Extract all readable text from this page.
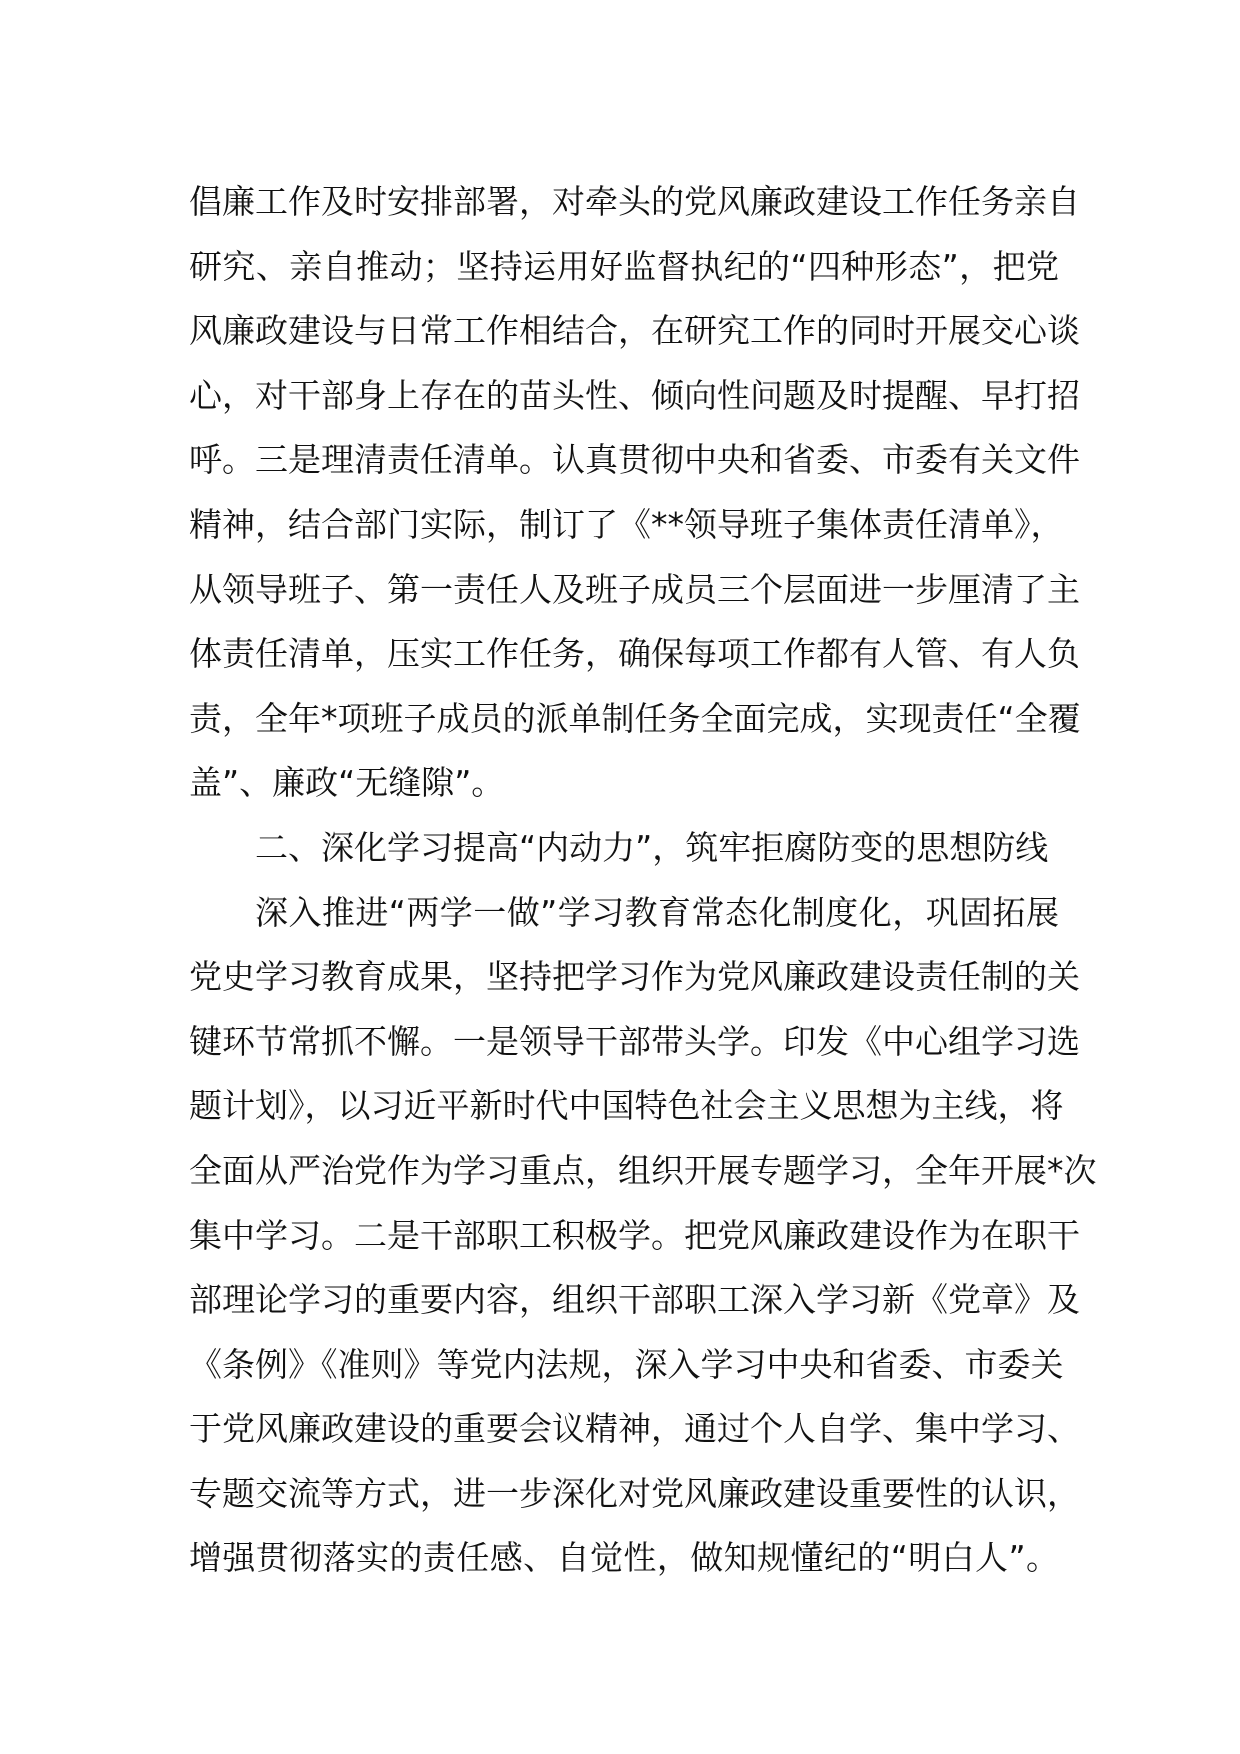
倡廉工作及时安排部署，对牵头的党风廉政建设工作任务亲自
研究、亲自推动；坚持运用好监督执纪的“四种形态”，把党
风廉政建设与日常工作相结合，在研究工作的同时开展交心谈
心，对干部身上存在的苗头性、倾向性问题及时提醒、早打招
呼。三是理清责任清单。认真贯彻中央和省委、市委有关文件
精神，结合部门实际，制订了《**领导班子集体责任清单》，
从领导班子、第一责任人及班子成员三个层面进一步厘清了主
体责任清单，压实工作任务，确保每项工作都有人管、有人负
责，全年*项班子成员的派单制任务全面完成，实现责任“全覆
盖”、廉政“无缝隙”。
二、深化学习提高“内动力”，筑牢拒腐防变的思想防线
深入推进“两学一做”学习教育常态化制度化，巩固拓展
党史学习教育成果，坚持把学习作为党风廉政建设责任制的关
键环节常抓不懈。一是领导干部带头学。印发《中心组学习选
题计划》，以习近平新时代中国特色社会主义思想为主线，将
全面从严治党作为学习重点，组织开展专题学习，全年开展*次
集中学习。二是干部职工积极学。把党风廉政建设作为在职干
部理论学习的重要内容，组织干部职工深入学习新《党章》及
《条例》《准则》等党内法规，深入学习中央和省委、市委关
于党风廉政建设的重要会议精神，通过个人自学、集中学习、
专题交流等方式，进一步深化对党风廉政建设重要性的认识，
增强贯彻落实的责任感、自觉性，做知规懂纪的“明白人”。
